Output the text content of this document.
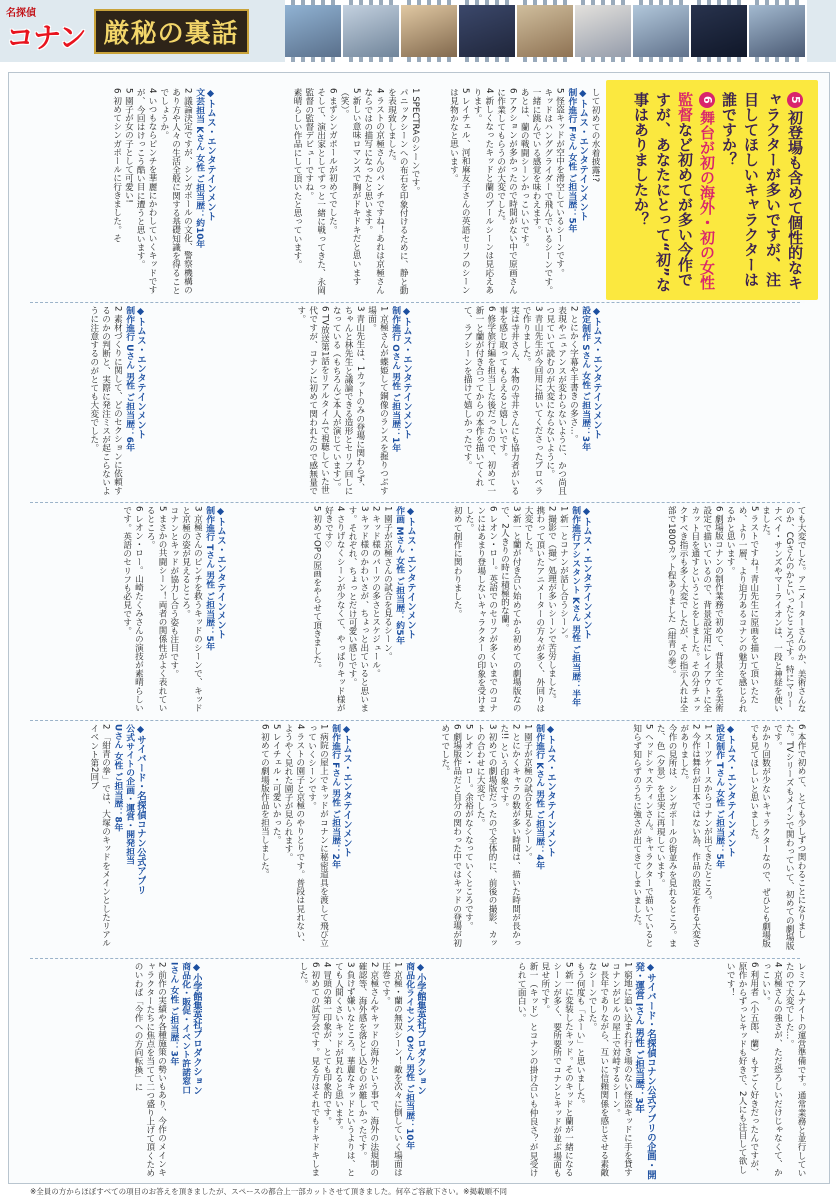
名探偵
コナン 厳秘の裏話
5初登場も含めて個性的なキャラクターが多いですが、注目してほしいキャラクターは誰ですか？
6舞台が初の海外・初の女性監督など初めてが多い今作ですが、あなたにとって“初”な事はありましたか？
して初めての水着披露!?
◆トムス・エンタテインメント
制作進行 Fさん 女性 ご担当歴：5年
5 怪盗キッドが空中を滑空しているシーンです。
キッドはハンググライダーで飛んでいるシーンです。一緒に跳んでいる感覚を味わえます。
あとは、蘭の戦闘シーンかっこいいです。
6 アクションが多かったので時間がない中で原画さんに作業してもらうのが大変でした。
4 新しくなったキッドと蘭のプールシーンは見応えあります。
5 レイチェル、河和麻友子さんの英語セリフのシーンは見物かなと思います。
1 SPECTRAのシーンです。
パニックシーンへの布石を印象付けるために、静と動を表現致しました。
4 ラストの京極さんのパンチですね！あれは京極さんならではの描写になったと思います。
5 新しい意味ロマンスで胸がドキドキだと思います（笑）。
6 まずシンガポールが初めてでした。
そして、演出家としてずっと一緒に戦ってきた、永岡監督の監督デビューですね。
素晴らしい作品にして頂いたと思っています。
◆トムス・エンタテインメント
文芸担当 Kさん 女性 ご担当歴：約10年
2 議論決定ですが、シンガポールの文化、警察機構のあり方や人々の生活全般に関する基礎知識を得ることでしょうか。
4 いつもならピンチを華麗にかわしていくキッドですが、今回はけっこう酷い目に遭うと思います。
5 園子が女の子として可愛い!
6 初めてシンガポールに行きました。そ
◆トムス・エンタテインメント
設定制作 Sさん 女性 ご担当歴：3年
2 とにかく字幕や手書きの多さ…。
表現やニュアンスが変わらないように、かつ尚且つ見ていて読むのが大変にならないように。
3 青山先生が今回用に描いてくださったプロペラで作りました。
実は寺井さん、本物の寺井さんにも協力者がいる事を感じ取ってもらえると嬉しいです。
6 修学旅行編を担当した後だったので、初めて一新一と蘭が付き合ってからの本作を描いてくれて、ラブシーンを描けて嬉しかったです。
◆トムス・エンタテインメント
制作進行 Oさん 男性 ご担当歴：1年
1 京極さんが蝶姫して銅像のランスを握りつぶす場面。
3 青山先生は、1カットのみの登場に関わらず、ちゃんと林先生と議論できる造形とセリフ回しになっている（もちろんご本人が演じています）。
6 TV放送第1話をリアルタイムで視聴していた世代ですが、コナンに初めて関われたので感無量です。
◆トムス・エンタテインメント
制作進行 Uさん 男性 ご担当歴：6年
2 素材づくりに関して、どのセクションに依頼するのかの判断と、実際に発注ミスが起こらないように注意するのがとても大変でした。
ても大変でした。アニメーターさんのか、美術さんなのか、CGさんのかといったところです。特にマリーナベイ・サンズやマーライオンは、一段と神経を使いました。
5 ラストですね！青山先生に原画を描いて頂いたため、より一層、より迫力あるコナンの魅力を感じられるかと思います。
6 劇場版コナンの制作業務で初めて、背景全てを美術設定で描いているので、背景設定用にレイアウトに全カット目を通すということをしました。その分チェックすべき指示も多く大変でしたが、その指示入れは全部で1800カット程ありました（紺青の拳）。
◆トムス・エンタテインメント
制作進行アシスタント Kさん 男性 ご担当歴：半年
1 新一とコナンが話し合うシーン。
2 撮影で（撮）処理が多いシーンで苦労しました。
携わって頂いたアニメーターの方々が多く、外回りは大変でした。
3 新一と蘭が付き合い始めてから初めての劇場版なので、2人きりの時に積極的な蘭。
6 レオン・ロー。英語でのセリフが多くいまでのコナンにはあまり登場しないキャラクターの印象を受けました。
初めて制作に関わりました。
◆トムス・エンタテインメント
作画 Mさん 女性 ご担当歴：約5年
1 園子が京極さんの試合を見るシーン。
2 キッド様のパーツの多さとスケジュール。
3 キッド様のかわいさが、ちょっと出ていると思います。それぞれ、ちょっとだけ可愛い感じです。
4 さりげなくシーンが少なくて、やっぱりキッド様が好きです♡
5 初めてOPの原画をやらせて頂きました。
◆トムス・エンタテインメント
制作進行 Tさん 男性 ご担当歴：5年
3 京極さんのピンチを救うキッドのシーンで、キッドと京極の姿が見えるところ。
コナンとキッドが協力し合う姿も注目です。
5 まさかの共闘シーン！両者の関係性がよく表れているところ。
6 レオン・ロー。山崎たくみさんの演技が素晴らしいです。英語のセリフも必見です。
6 本作で初めて、とても少しずつ関わることになりました。TVシリーズもメインで関わっていて、初めての劇場版です。
かかり回数が少ないキャラクターなので、ぜひとも劇場版でも見てほしいと思いました。
◆トムス・エンタテインメント
設定制作 Tさん 女性 ご担当歴：5年
1 スーツケースからコナンが出てきたところ。
2 今作は舞台が日本ではない為、作品の設定を作る大変さがありました。
今作の見所は、シンガポールの街並みを見れるところ。また、色（夕景）を忠実に再現しています。
5 ヘッドシャスティンさん。キャラクターで描いていると知らず知らずのうちに強さが出てきてしまいました。
◆トムス・エンタテインメント
制作進行 Kさん 男性 ご担当歴：4年
1 園子が京極の試合を見るシーン。
2 とにかくキャラの数が多い時間は、描いた時間が長かった!! という印象です。
3 初めての劇場版だったので全体的に、前後の撮影、カットの合わせに大変でした。
5 レオン・ロー。余裕がなくなっていくところです。
6 劇場版作品だと自分の関わった中ではキッドの登場が初めてでした。
◆トムス・エンタテインメント
制作進行 Fさん 男性 ご担当歴：2年
1 病院の屋上でキッドがコナンに秘密道具を渡して飛び立っていくシーンです。
4 ラストの園子と京極のやりとりです。普段は見れない、ようやく見れた園子が見られます。
5 レイチェル・可愛いかった。
6 初めての劇場版作品を担当しました。
◆サイバード・名探偵コナン公式アプリ
公式サイトの企画・運営・開発担当
Uさん 女性 ご担当歴：8年
2 「紺青の拳」では、大塚のキッドをメインとしたリアルイベント第2回ブ
レミアムナイトの運営準備です。通常業務と並行していたので大変でした…。
4 京極さんの強さが、ただ恐ろしいだけじゃなくて、かっこいい。
6 利用者（小五郎、蘭）もすごく好きだったんですが、原作からずっとキッドも好きで、2人にも注目して欲しいです！
◆サイバード・名探偵コナン公式アプリの企画・開発・運営 Iさん 男性 ご担当歴：3年
1 窮地に追い込まれ行き場のない怪盗キッドに手を貸すコナンがビルの屋上で対峙するシーン。
3 長年でありながら、互いに信頼関係を感じさせる素敵なシーンでした。
もう何度も「よーい」と思いました。
5 新一に変装したキッド。そのキッドと蘭が一緒になるシーンが多く、要所要所でコナンとキッドが並ぶ場面も見せ所です。
新一（キッド）とコナンの掛け合いも仲良さ？が見受けられて面白い。
◆小学館集英社プロダクション
商品化ライセンス Oさん 男性 ご担当歴：10年
1 京極・蘭の無双シーン！敵を次々に倒していく場面は圧巻です。
2 京極さんやキッドの海外という事で、海外の法規制の確認等、海外感を落とし込むのが難しかったです。
3 負けず嫌いなところ。華麗なキッドというよりは、とても人間くさいキッドが見れると思います。
4 冒頭の第一印象が、とても印象的です。
6 初めての試写会です。見る方はそれでもドキドキしました。
◆小学館集英社プロダクション
商品化・販促・イベント許諾窓口
Iさん 女性 ご担当歴：3年
2 前作の実績や各種施策の勢いもあり、今作のメインキャラクターたちに焦点を当てて二つ盛り上げて頂くためのいわば「今作への方向転換」に
※全員の方からほぼすべての項目のお答えを頂きましたが、スペースの都合上一部カットさせて頂きました。何卒ご容赦下さい。※掲載順不同
